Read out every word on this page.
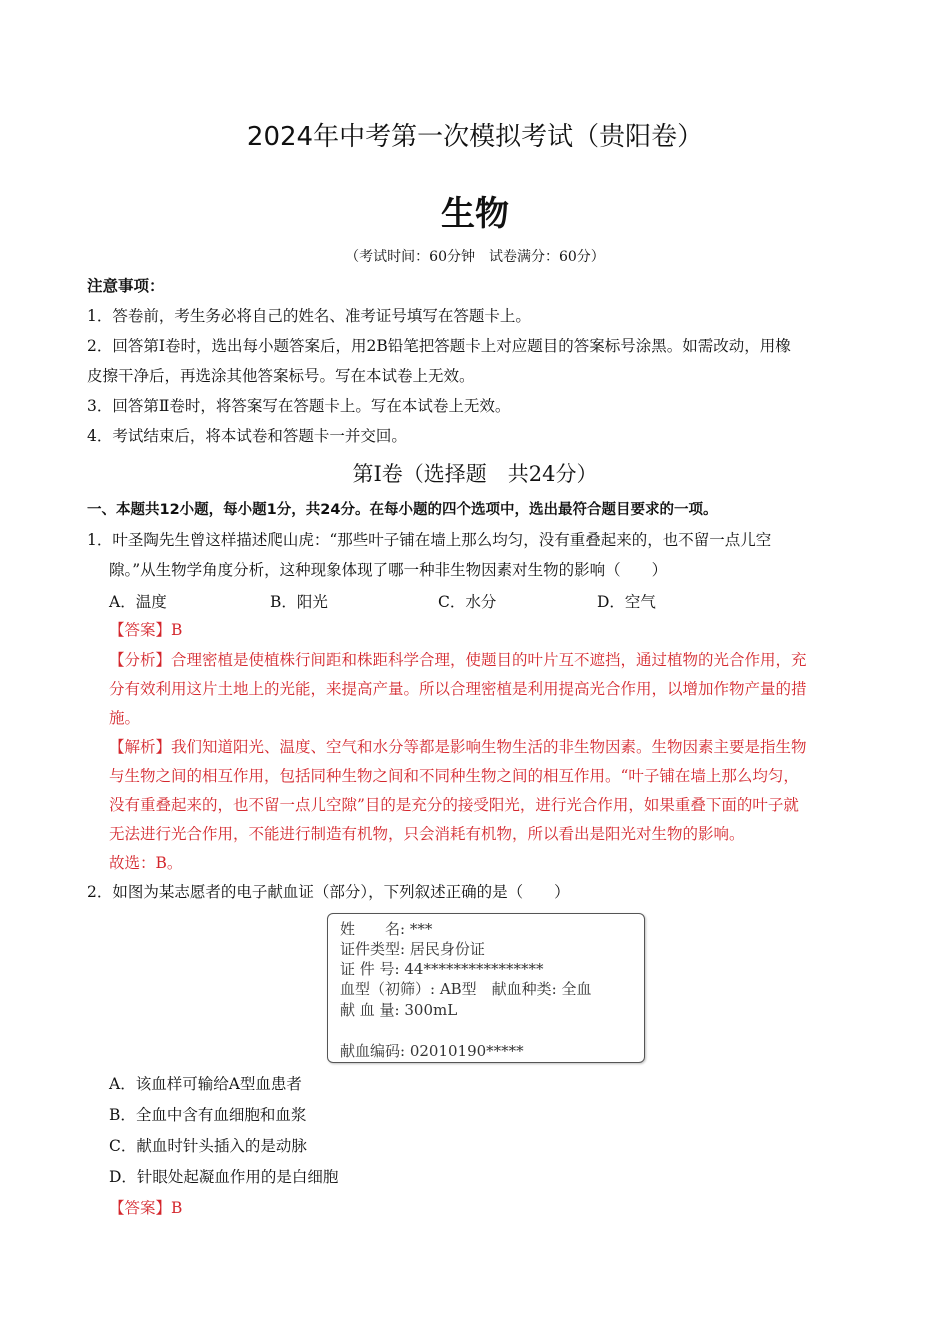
2024年中考第一次模拟考试（贵阳卷）
生物
（考试时间：60分钟　试卷满分：60分）
注意事项：
1．答卷前，考生务必将自己的姓名、准考证号填写在答题卡上。
2．回答第Ⅰ卷时，选出每小题答案后，用2B铅笔把答题卡上对应题目的答案标号涂黑。如需改动，用橡
皮擦干净后，再选涂其他答案标号。写在本试卷上无效。
3．回答第Ⅱ卷时，将答案写在答题卡上。写在本试卷上无效。
4．考试结束后，将本试卷和答题卡一并交回。
第Ⅰ卷（选择题　共24分）
一、本题共12小题，每小题1分，共24分。在每小题的四个选项中，选出最符合题目要求的一项。
1．叶圣陶先生曾这样描述爬山虎：“那些叶子铺在墙上那么均匀，没有重叠起来的，也不留一点儿空
隙。”从生物学角度分析，这种现象体现了哪一种非生物因素对生物的影响（　　）
A．温度	B．阳光	C．水分	D．空气
【答案】B
【分析】合理密植是使植株行间距和株距科学合理，使题目的叶片互不遮挡，通过植物的光合作用，充
分有效利用这片土地上的光能，来提高产量。所以合理密植是利用提高光合作用，以增加作物产量的措
施。
【解析】我们知道阳光、温度、空气和水分等都是影响生物生活的非生物因素。生物因素主要是指生物
与生物之间的相互作用，包括同种生物之间和不同种生物之间的相互作用。“叶子铺在墙上那么均匀，
没有重叠起来的，也不留一点儿空隙”目的是充分的接受阳光，进行光合作用，如果重叠下面的叶子就
无法进行光合作用，不能进行制造有机物，只会消耗有机物，所以看出是阳光对生物的影响。
故选：B。
2．如图为某志愿者的电子献血证（部分），下列叙述正确的是（　　）
姓　　名: ***
证件类型: 居民身份证
证 件 号: 44****************
血型（初筛）: AB型　献血种类: 全血
献 血 量: 300mL
献血编码: 02010190*****
A．该血样可输给A型血患者
B．全血中含有血细胞和血浆
C．献血时针头插入的是动脉
D．针眼处起凝血作用的是白细胞
【答案】B
